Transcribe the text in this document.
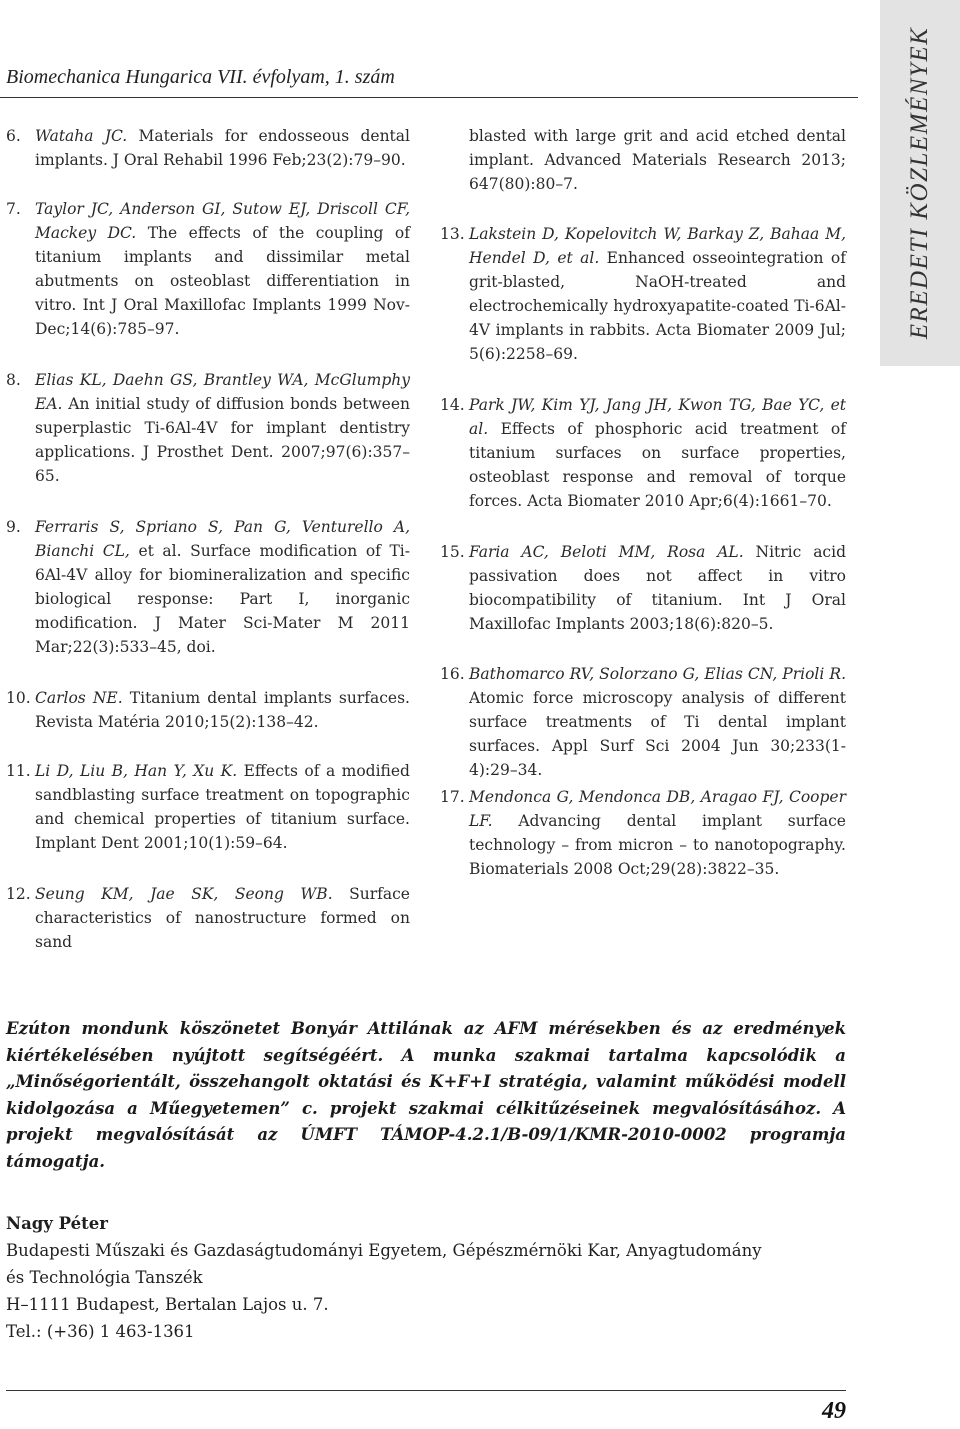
Biomechanica Hungarica VII. évfolyam, 1. szám	EREDETI KÖZLEMÉNYEK
6. Wataha JC. Materials for endosseous dental implants. J Oral Rehabil 1996 Feb;23(2):79–90.
7. Taylor JC, Anderson GI, Sutow EJ, Driscoll CF, Mackey DC. The effects of the coupling of titanium implants and dissimilar metal abutments on osteoblast differentiation in vitro. Int J Oral Maxillofac Implants 1999 Nov-Dec;14(6):785–97.
8. Elias KL, Daehn GS, Brantley WA, McGlumphy EA. An initial study of diffusion bonds between superplastic Ti-6Al-4V for implant dentistry applications. J Prosthet Dent. 2007;97(6):357–65.
9. Ferraris S, Spriano S, Pan G, Venturello A, Bianchi CL, et al. Surface modification of Ti-6Al-4V alloy for biomineralization and specific biological response: Part I, inorganic modification. J Mater Sci-Mater M 2011 Mar;22(3):533–45, doi.
10. Carlos NE. Titanium dental implants surfaces. Revista Matéria 2010;15(2):138–42.
11. Li D, Liu B, Han Y, Xu K. Effects of a modified sandblasting surface treatment on topographic and chemical properties of titanium surface. Implant Dent 2001;10(1):59–64.
12. Seung KM, Jae SK, Seong WB. Surface characteristics of nanostructure formed on sand
blasted with large grit and acid etched dental implant. Advanced Materials Research 2013; 647(80):80–7.
13. Lakstein D, Kopelovitch W, Barkay Z, Bahaa M, Hendel D, et al. Enhanced osseointegration of grit-blasted, NaOH-treated and electrochemically hydroxyapatite-coated Ti-6Al-4V implants in rabbits. Acta Biomater 2009 Jul; 5(6):2258–69.
14. Park JW, Kim YJ, Jang JH, Kwon TG, Bae YC, et al. Effects of phosphoric acid treatment of titanium surfaces on surface properties, osteoblast response and removal of torque forces. Acta Biomater 2010 Apr;6(4):1661–70.
15. Faria AC, Beloti MM, Rosa AL. Nitric acid passivation does not affect in vitro biocompatibility of titanium. Int J Oral Maxillofac Implants 2003;18(6):820–5.
16. Bathomarco RV, Solorzano G, Elias CN, Prioli R. Atomic force microscopy analysis of different surface treatments of Ti dental implant surfaces. Appl Surf Sci 2004 Jun 30;233(1-4):29–34.
17. Mendonca G, Mendonca DB, Aragao FJ, Cooper LF. Advancing dental implant surface technology – from micron – to nanotopography. Biomaterials 2008 Oct;29(28):3822–35.
Ezúton mondunk köszönetet Bonyár Attilának az AFM mérésekben és az eredmények kiértékelésében nyújtott segítségéért. A munka szakmai tartalma kapcsolódik a „Minőségorientált, összehangolt oktatási és K+F+I stratégia, valamint működési modell kidolgozása a Műegyetemen” c. projekt szakmai célkitűzéseinek megvalósításához. A projekt megvalósítását az ÚMFT TÁMOP-4.2.1/B-09/1/KMR-2010-0002 programja támogatja.
Nagy Péter
Budapesti Műszaki és Gazdaságtudományi Egyetem, Gépészmérnöki Kar, Anyagtudomány
és Technológia Tanszék
H–1111 Budapest, Bertalan Lajos u. 7.
Tel.: (+36) 1 463-1361
49
